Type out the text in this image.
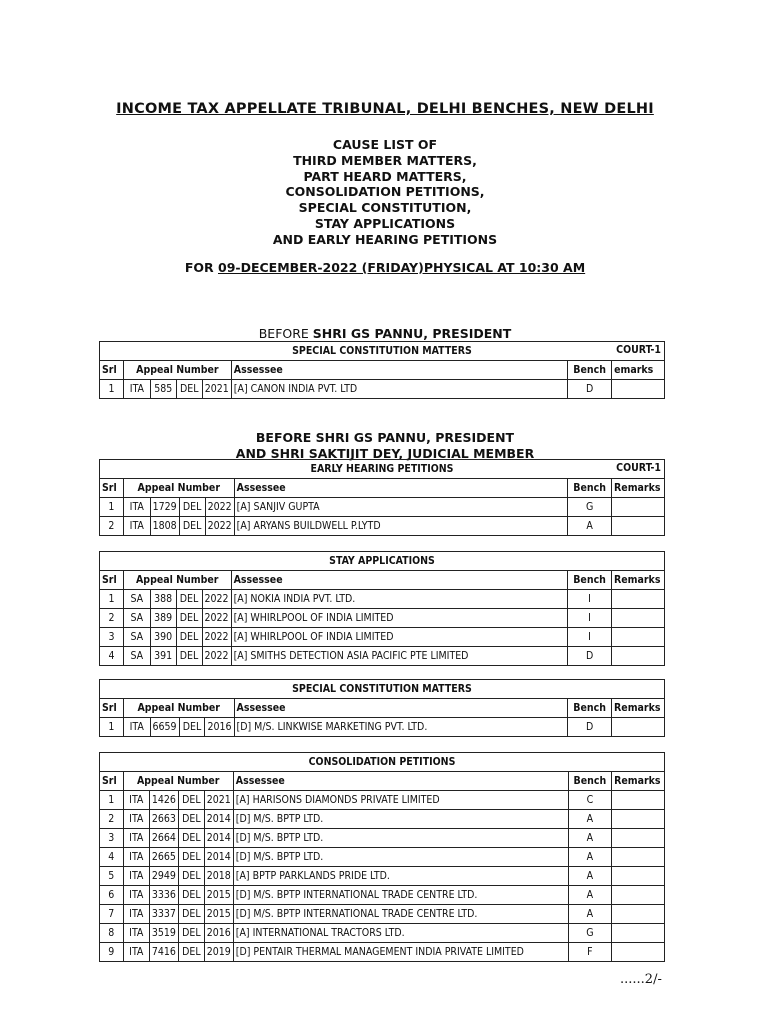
INCOME TAX APPELLATE TRIBUNAL, DELHI BENCHES, NEW DELHI
CAUSE LIST OF
THIRD MEMBER MATTERS,
PART HEARD MATTERS,
CONSOLIDATION PETITIONS,
SPECIAL CONSTITUTION,
STAY APPLICATIONS
AND EARLY HEARING PETITIONS
FOR 09-DECEMBER-2022 (FRIDAY)PHYSICAL AT 10:30 AM
BEFORE SHRI GS PANNU, PRESIDENT
BEFORE SHRI GS PANNU, PRESIDENT
AND SHRI SAKTIJIT DEY, JUDICIAL MEMBER
SPECIAL CONSTITUTION MATTERS COURT-1							

Srl	Appeal Number				Assessee	Bench	emarks
1	ITA	585	DEL	2021	[A] CANON INDIA PVT. LTD	D	
EARLY HEARING PETITIONS COURT-1							

Srl	Appeal Number				Assessee	Bench	Remarks
1	ITA	1729	DEL	2022	[A] SANJIV GUPTA	G	
2	ITA	1808	DEL	2022	[A] ARYANS BUILDWELL P.LYTD	A	
STAY APPLICATIONS							
Srl	Appeal Number				Assessee	Bench	Remarks
1	SA	388	DEL	2022	[A] NOKIA INDIA PVT. LTD.	I	
2	SA	389	DEL	2022	[A] WHIRLPOOL OF INDIA LIMITED	I	
3	SA	390	DEL	2022	[A] WHIRLPOOL OF INDIA LIMITED	I	
4	SA	391	DEL	2022	[A] SMITHS DETECTION ASIA PACIFIC PTE LIMITED	D	
SPECIAL CONSTITUTION MATTERS							
Srl	Appeal Number				Assessee	Bench	Remarks
1	ITA	6659	DEL	2016	[D] M/S. LINKWISE MARKETING PVT. LTD.	D	
CONSOLIDATION PETITIONS							
Srl	Appeal Number				Assessee	Bench	Remarks
1	ITA	1426	DEL	2021	[A] HARISONS DIAMONDS PRIVATE LIMITED	C	
2	ITA	2663	DEL	2014	[D] M/S. BPTP LTD.	A	
3	ITA	2664	DEL	2014	[D] M/S. BPTP LTD.	A	
4	ITA	2665	DEL	2014	[D] M/S. BPTP LTD.	A	
5	ITA	2949	DEL	2018	[A] BPTP PARKLANDS PRIDE LTD.	A	
6	ITA	3336	DEL	2015	[D] M/S. BPTP INTERNATIONAL TRADE CENTRE LTD.	A	
7	ITA	3337	DEL	2015	[D] M/S. BPTP INTERNATIONAL TRADE CENTRE LTD.	A	
8	ITA	3519	DEL	2016	[A] INTERNATIONAL TRACTORS LTD.	G	
9	ITA	7416	DEL	2019	[D] PENTAIR THERMAL MANAGEMENT INDIA PRIVATE LIMITED	F	
......2/-
